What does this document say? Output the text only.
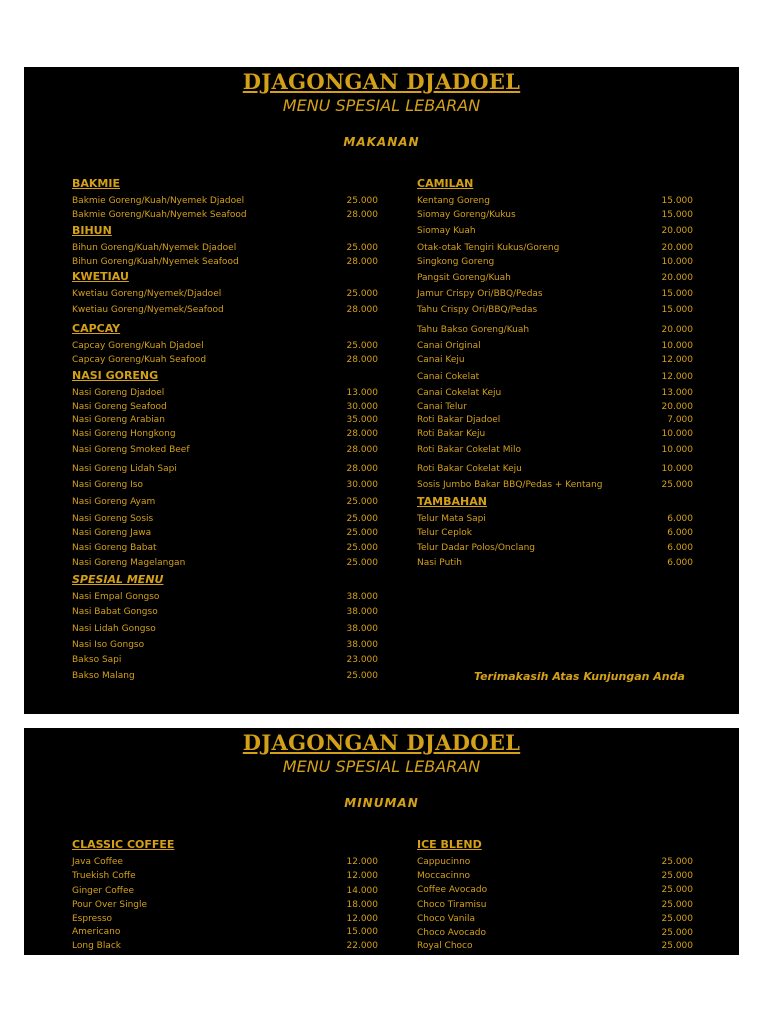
DJAGONGAN DJADOEL
MENU SPESIAL LEBARAN
MAKANAN
BAKMIE
Bakmie Goreng/Kuah/Nyemek Djadoel	25.000
Bakmie Goreng/Kuah/Nyemek Seafood	28.000
BIHUN
Bihun Goreng/Kuah/Nyemek Djadoel	25.000
Bihun Goreng/Kuah/Nyemek Seafood	28.000
KWETIAU
Kwetiau Goreng/Nyemek/Djadoel	25.000
Kwetiau Goreng/Nyemek/Seafood	28.000
CAPCAY
Capcay Goreng/Kuah Djadoel	25.000
Capcay Goreng/Kuah Seafood	28.000
NASI GORENG
Nasi Goreng Djadoel	13.000
Nasi Goreng Seafood	30.000
Nasi Goreng Arabian	35.000
Nasi Goreng Hongkong	28.000
Nasi Goreng Smoked Beef	28.000
Nasi Goreng Lidah Sapi	28.000
Nasi Goreng Iso	30.000
Nasi Goreng Ayam	25.000
Nasi Goreng Sosis	25.000
Nasi Goreng Jawa	25.000
Nasi Goreng Babat	25.000
Nasi Goreng Magelangan	25.000
SPESIAL MENU
Nasi Empal Gongso	38.000
Nasi Babat Gongso	38.000
Nasi Lidah Gongso	38.000
Nasi Iso Gongso	38.000
Bakso Sapi	23.000
Bakso Malang	25.000
CAMILAN
Kentang Goreng	15.000
Siomay Goreng/Kukus	15.000
Siomay Kuah	20.000
Otak-otak Tengiri Kukus/Goreng	20.000
Singkong Goreng	10.000
Pangsit Goreng/Kuah	20.000
Jamur Crispy Ori/BBQ/Pedas	15.000
Tahu Crispy Ori/BBQ/Pedas	15.000
Tahu Bakso Goreng/Kuah	20.000
Canai Original	10.000
Canai Keju	12.000
Canai Cokelat	12.000
Canai Cokelat Keju	13.000
Canai Telur	20.000
Roti Bakar Djadoel	7.000
Roti Bakar Keju	10.000
Roti Bakar Cokelat Milo	10.000
Roti Bakar Cokelat Keju	10.000
Sosis Jumbo Bakar BBQ/Pedas + Kentang	25.000
TAMBAHAN
Telur Mata Sapi	6.000
Telur Ceplok	6.000
Telur Dadar Polos/Onclang	6.000
Nasi Putih	6.000
Terimakasih Atas Kunjungan Anda
DJAGONGAN DJADOEL
MENU SPESIAL LEBARAN
MINUMAN
CLASSIC COFFEE
Java Coffee	12.000
Truekish Coffe	12.000
Ginger Coffee	14.000
Pour Over Single	18.000
Espresso	12.000
Americano	15.000
Long Black	22.000
ICE BLEND
Cappucinno	25.000
Moccacinno	25.000
Coffee Avocado	25.000
Choco Tiramisu	25.000
Choco Vanila	25.000
Choco Avocado	25.000
Royal Choco	25.000
